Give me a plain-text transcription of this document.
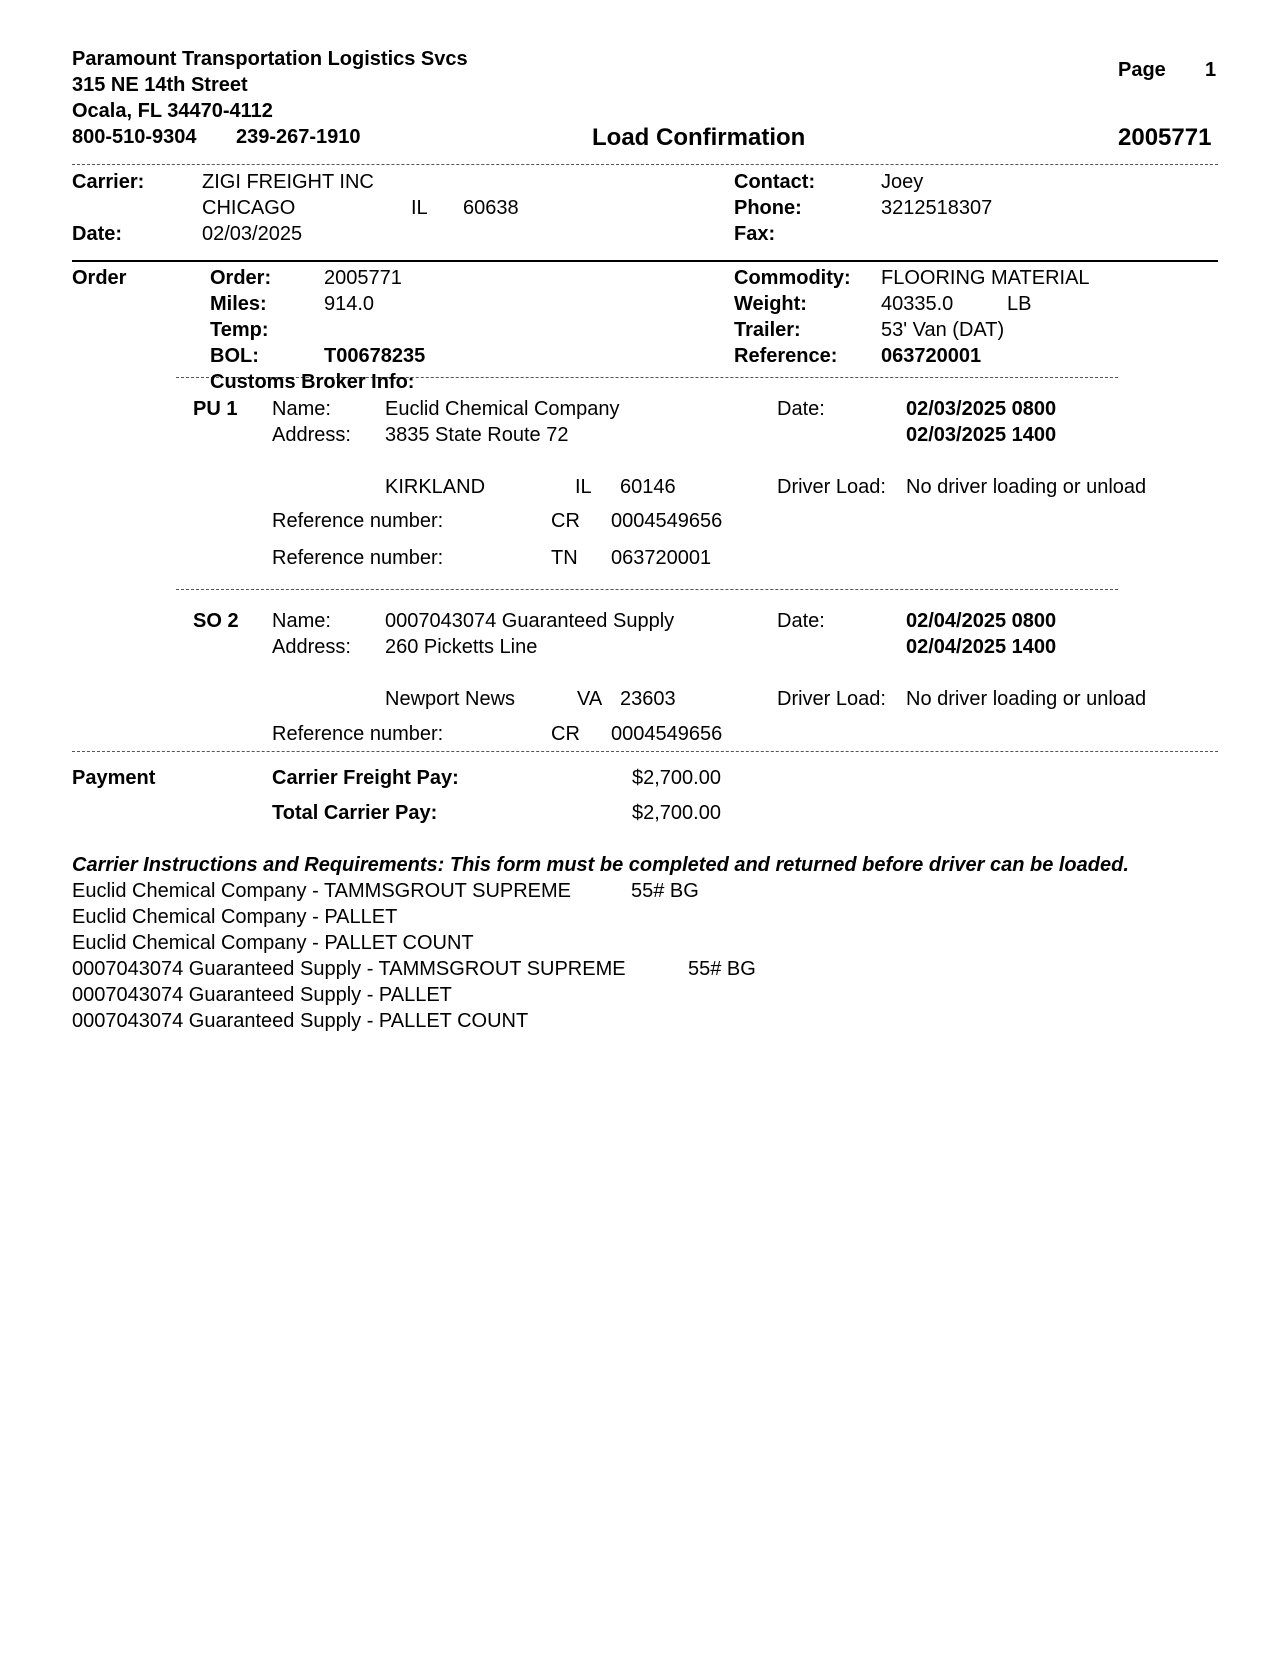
Paramount Transportation Logistics Svcs
315 NE 14th Street
Ocala, FL 34470-4112
800-510-9304 239-267-1910
Page 1
Load Confirmation	2005771
Carrier:	ZIGI FREIGHT INC
CHICAGO	IL 60638
Date:	02/03/2025
Contact:	Joey
Phone:	3212518307
Fax:
Order	Order:	2005771
Miles:	914.0
Temp:
BOL:	T00678235
Commodity: FLOORING MATERIAL
Weight:	40335.0	LB
Trailer:	53' Van (DAT)
Reference: 063720001
Customs Broker Info:
PU 1 Name:	Euclid Chemical Company
Address: 3835 State Route 72
KIRKLAND	IL 60146
Date:	02/03/2025 0800
02/03/2025 1400
Driver Load: No driver loading or unload
Reference number:	CR 0004549656
Reference number:	TN 063720001
SO 2 Name:	0007043074 Guaranteed Supply
Address: 260 Picketts Line
Newport News	VA 23603
Date:	02/04/2025 0800
02/04/2025 1400
Driver Load: No driver loading or unload
Reference number:	CR 0004549656
Payment	Carrier Freight Pay:	$2,700.00
Total Carrier Pay:	$2,700.00
Carrier Instructions and Requirements: This form must be completed and returned before driver can be loaded.
Euclid Chemical Company - TAMMSGROUT SUPREME	55# BG
Euclid Chemical Company - PALLET
Euclid Chemical Company - PALLET COUNT
0007043074 Guaranteed Supply - TAMMSGROUT SUPREME	55# BG
0007043074 Guaranteed Supply - PALLET
0007043074 Guaranteed Supply - PALLET COUNT
